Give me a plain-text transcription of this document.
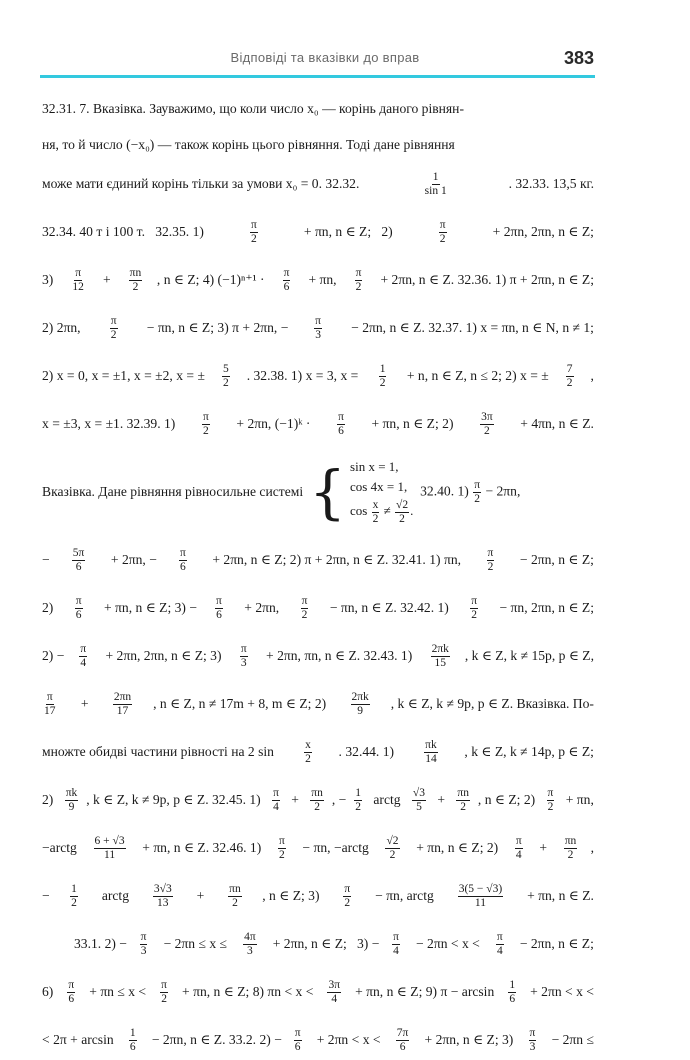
Відповіді та вказівки до вправ	383
32.31. 7. Вказівка. Зауважимо, що коли число x₀ — корінь даного рівнян-
ня, то й число (−x₀) — також корінь цього рівняння. Тоді дане рівняння
може мати єдиний корінь тільки за умови x₀ = 0. 32.32.	$\frac{1}{\sin 1}$	. 32.33. 13,5 кг.
32.34. 40 т і 100 т.   32.35. 1)	$\frac{\pi}{2}$	+ πn, n ∈ Z;   2)	$\frac{\pi}{2}$	+ 2πn, 2πn, n ∈ Z;
$3) \frac{\pi}{12} + \frac{\pi n}{2}$ , n ∈ Z; 4) $(-1)^{n+1} \cdot \frac{\pi}{6} + \pi n$, $\frac{\pi}{2} + 2\pi n$, n ∈ Z. 32.36. 1) π + 2πn, n ∈ Z;
2) 2πn, $\frac{\pi}{2} - \pi n$, n ∈ Z; 3) π + 2πn, − $\frac{\pi}{3} - 2\pi n$, n ∈ Z. 32.37. 1) x = πn, n ∈ N, n ≠ 1;
2) x = 0, x = ±1, x = ±2, x = ± $\frac{5}{2}$ . 32.38. 1) x = 3, $x = \frac{1}{2} + n$, n ∈ Z, n ≤ 2; 2) x = ± $\frac{7}{2}$ ,
x = ±3, x = ±1. 32.39. $1) \frac{\pi}{2} + 2\pi n$, (−1)ᵏ · $\frac{\pi}{6} + \pi n$, n ∈ Z; $2) \frac{3\pi}{2} + 4\pi n$, n ∈ Z.
Вказівка. Дане рівняння рівносильне системі { sin x = 1,
cos 4x = 1,
$\cos \frac{x}{2} \ne \frac{√2}{2}$ .
32.40. $1) \frac{\pi}{2} - 2\pi n$,
− $\frac{5\pi}{6} + 2\pi n$, − $\frac{\pi}{6} + 2\pi n$, n ∈ Z; 2) π + 2πn, n ∈ Z. 32.41. 1) πn, $\frac{\pi}{2} - 2\pi n$, n ∈ Z;
$2) \frac{\pi}{6} + \pi n$, n ∈ Z; $3) - \frac{\pi}{6} + 2\pi n$, $\frac{\pi}{2} - \pi n$, n ∈ Z. 32.42. $1) \frac{\pi}{2} - \pi n$, 2πn, n ∈ Z;
$2) - \frac{\pi}{4} + 2\pi n$, 2πn, n ∈ Z; $3) \frac{\pi}{3} + 2\pi n$, πn, n ∈ Z. 32.43. $1) \frac{2\pi k}{15}$ , k ∈ Z, k ≠ 15p, p ∈ Z,
$\frac{\pi}{17} + \frac{2\pi n}{17}$ , n ∈ Z, n ≠ 17m + 8, m ∈ Z; $2) \frac{2\pi k}{9}$ , k ∈ Z, k ≠ 9p, p ∈ Z. Вказівка. По-
множте обидві частини рівності на 2 $\sin \frac{x}{2}$ . 32.44. $1) \frac{\pi k}{14}$ , k ∈ Z, k ≠ 14p, p ∈ Z;
$2) \frac{\pi k}{9}$ , k ∈ Z, k ≠ 9p, p ∈ Z. 32.45. $1) \frac{\pi}{4} + \frac{\pi n}{2}$ , − $\frac{1}{2}$ arctg $\frac{√3}{5} + \frac{\pi n}{2}$ , n ∈ Z; $2) \frac{\pi}{2} + \pi n$,
−arctg $\frac{6 + √3}{11} + \pi n$, n ∈ Z. 32.46. $1) \frac{\pi}{2} - \pi n$, −arctg $\frac{√2}{2} + \pi n$, n ∈ Z; $2) \frac{\pi}{4} + \frac{\pi n}{2}$ ,
− $\frac{1}{2}$ arctg $\frac{3√3}{13} + \frac{\pi n}{2}$ , n ∈ Z; $3) \frac{\pi}{2} - \pi n$, arctg $\frac{3(5 - √3)}{11} + \pi n$, n ∈ Z.
33.1. $2) - \frac{\pi}{3} - 2\pi n \le x \le \frac{4\pi}{3} + 2\pi n$, n ∈ Z;   $3) - \frac{\pi}{4} - 2\pi n < x < \frac{\pi}{4} - 2\pi n$, n ∈ Z;
$6) \frac{\pi}{6} + \pi n \le x < \frac{\pi}{2} + \pi n$, n ∈ Z; 8) $\pi n < x < \frac{3\pi}{4} + \pi n$, n ∈ Z; 9) $\pi - \arcsin \frac{1}{6} + 2\pi n < x$ <
< $2\pi + \arcsin \frac{1}{6} - 2\pi n$, n ∈ Z. 33.2. $2) - \frac{\pi}{6} + 2\pi n < x < \frac{7\pi}{6} + 2\pi n$, n ∈ Z; $3) \frac{\pi}{3} - 2\pi n$ ≤
